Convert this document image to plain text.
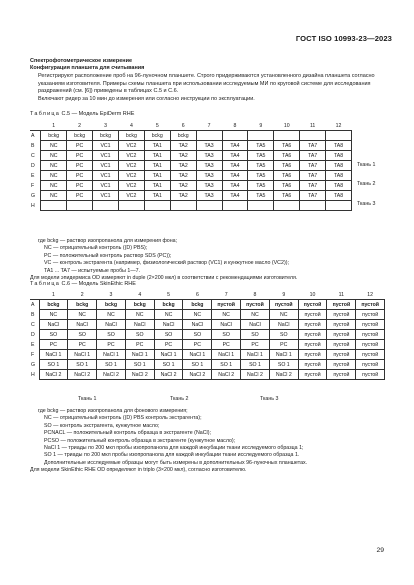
ГОСТ ISO 10993-23—2023
Спектрофотометрическое измерение
Конфигурация планшета для считывания
Регистрируют расположение проб на 96-луночном планшете. Строго придерживаются установленного дизайна планшета согласно указаниям изготовителя. Примеры схемы планшета при использовании исследуемым МИ по круговой системе для исследования раздражений (см. [6]) приведены в таблицах С.5 и С.6.
Включают ридер за 10 мин до измерения или согласно инструкции по эксплуатации.
Таблица С.5 — Модель EpiDerm RHE
	1	2	3	4	5	6	7	8	9	10	11	12
A	bckg	bckg	bckg	bckg	bckg	bckg						
B	NC	PC	VC1	VC2	TA1	TA2	TA3	TA4	TA5	TA6	TA7	TA8
C	NC	PC	VC1	VC2	TA1	TA2	TA3	TA4	TA5	TA6	TA7	TA8
D	NC	PC	VC1	VC2	TA1	TA2	TA3	TA4	TA5	TA6	TA7	TA8
E	NC	PC	VC1	VC2	TA1	TA2	TA3	TA4	TA5	TA6	TA7	TA8
F	NC	PC	VC1	VC2	TA1	TA2	TA3	TA4	TA5	TA6	TA7	TA8
G	NC	PC	VC1	VC2	TA1	TA2	TA3	TA4	TA5	TA6	TA7	TA8
H												
Ткань 1
Ткань 2
Ткань 3
где bckg — раствор изопропанола для измерения фона;
NC — отрицательный контроль ((D) PBS);
PC — положительный контроль раствор SDS (PC));
VC — контроль экстрагента (например, физиологический раствор (VC1) и кунжутное масло (VC2));
TA1 ... TA7 — испытуемые пробы 1—7.
Для модели эпидермиса OD измеряют in duple (2×200 мкл) в соответствии с рекомендациями изготовителя.
Таблица С.6 — Модель SkinEthic RHE
	1	2	3	4	5	6	7	8	9	10	11	12
A	bckg	bckg	bckg	bckg	bckg	bckg	пустой	пустой	пустой	пустой	пустой	пустой
B	NC	NC	NC	NC	NC	NC	NC	NC	NC	пустой	пустой	пустой
C	NaCl	NaCl	NaCl	NaCl	NaCl	NaCl	NaCl	NaCl	NaCl	пустой	пустой	пустой
D	SO	SO	SO	SO	SO	SO	SO	SO	SO	пустой	пустой	пустой
E	PC	PC	PC	PC	PC	PC	PC	PC	PC	пустой	пустой	пустой
F	NaCl 1	NaCl 1	NaCl 1	NaCl 1	NaCl 1	NaCl 1	NaCl 1	NaCl 1	NaCl 1	пустой	пустой	пустой
G	SO 1	SO 1	SO 1	SO 1	SO 1	SO 1	SO 1	SO 1	SO 1	пустой	пустой	пустой
H	NaCl 2	NaCl 2	NaCl 2	NaCl 2	NaCl 2	NaCl 2	NaCl 2	NaCl 2	NaCl 2	пустой	пустой	пустой
Ткань 1	Ткань 2	Ткань 3
где bckg — раствор изопропанола для фонового измерения;
NC — отрицательный контроль ((D) PBS контроль экстрагента);
SO — контроль экстрагента, кунжутное масло;
PCNACL — положительный контроль образца в экстрагенте (NaCl);
PCSO — положительный контроль образца в экстрагенте (кунжутное масло);
NaCl 1 — триады по 200 мкл пробы изопропанола для каждой инкубации ткани исследуемого образца 1;
SO 1 — триады по 200 мкл пробы изопропанола для каждой инкубации ткани исследуемого образца 1.
Дополнительные исследуемые образцы могут быть измерены в дополнительных 96-луночных планшетах.
Для модели SkinEthic RHE OD определяют in triplo (3×200 мкл), согласно изготовителю.
29
